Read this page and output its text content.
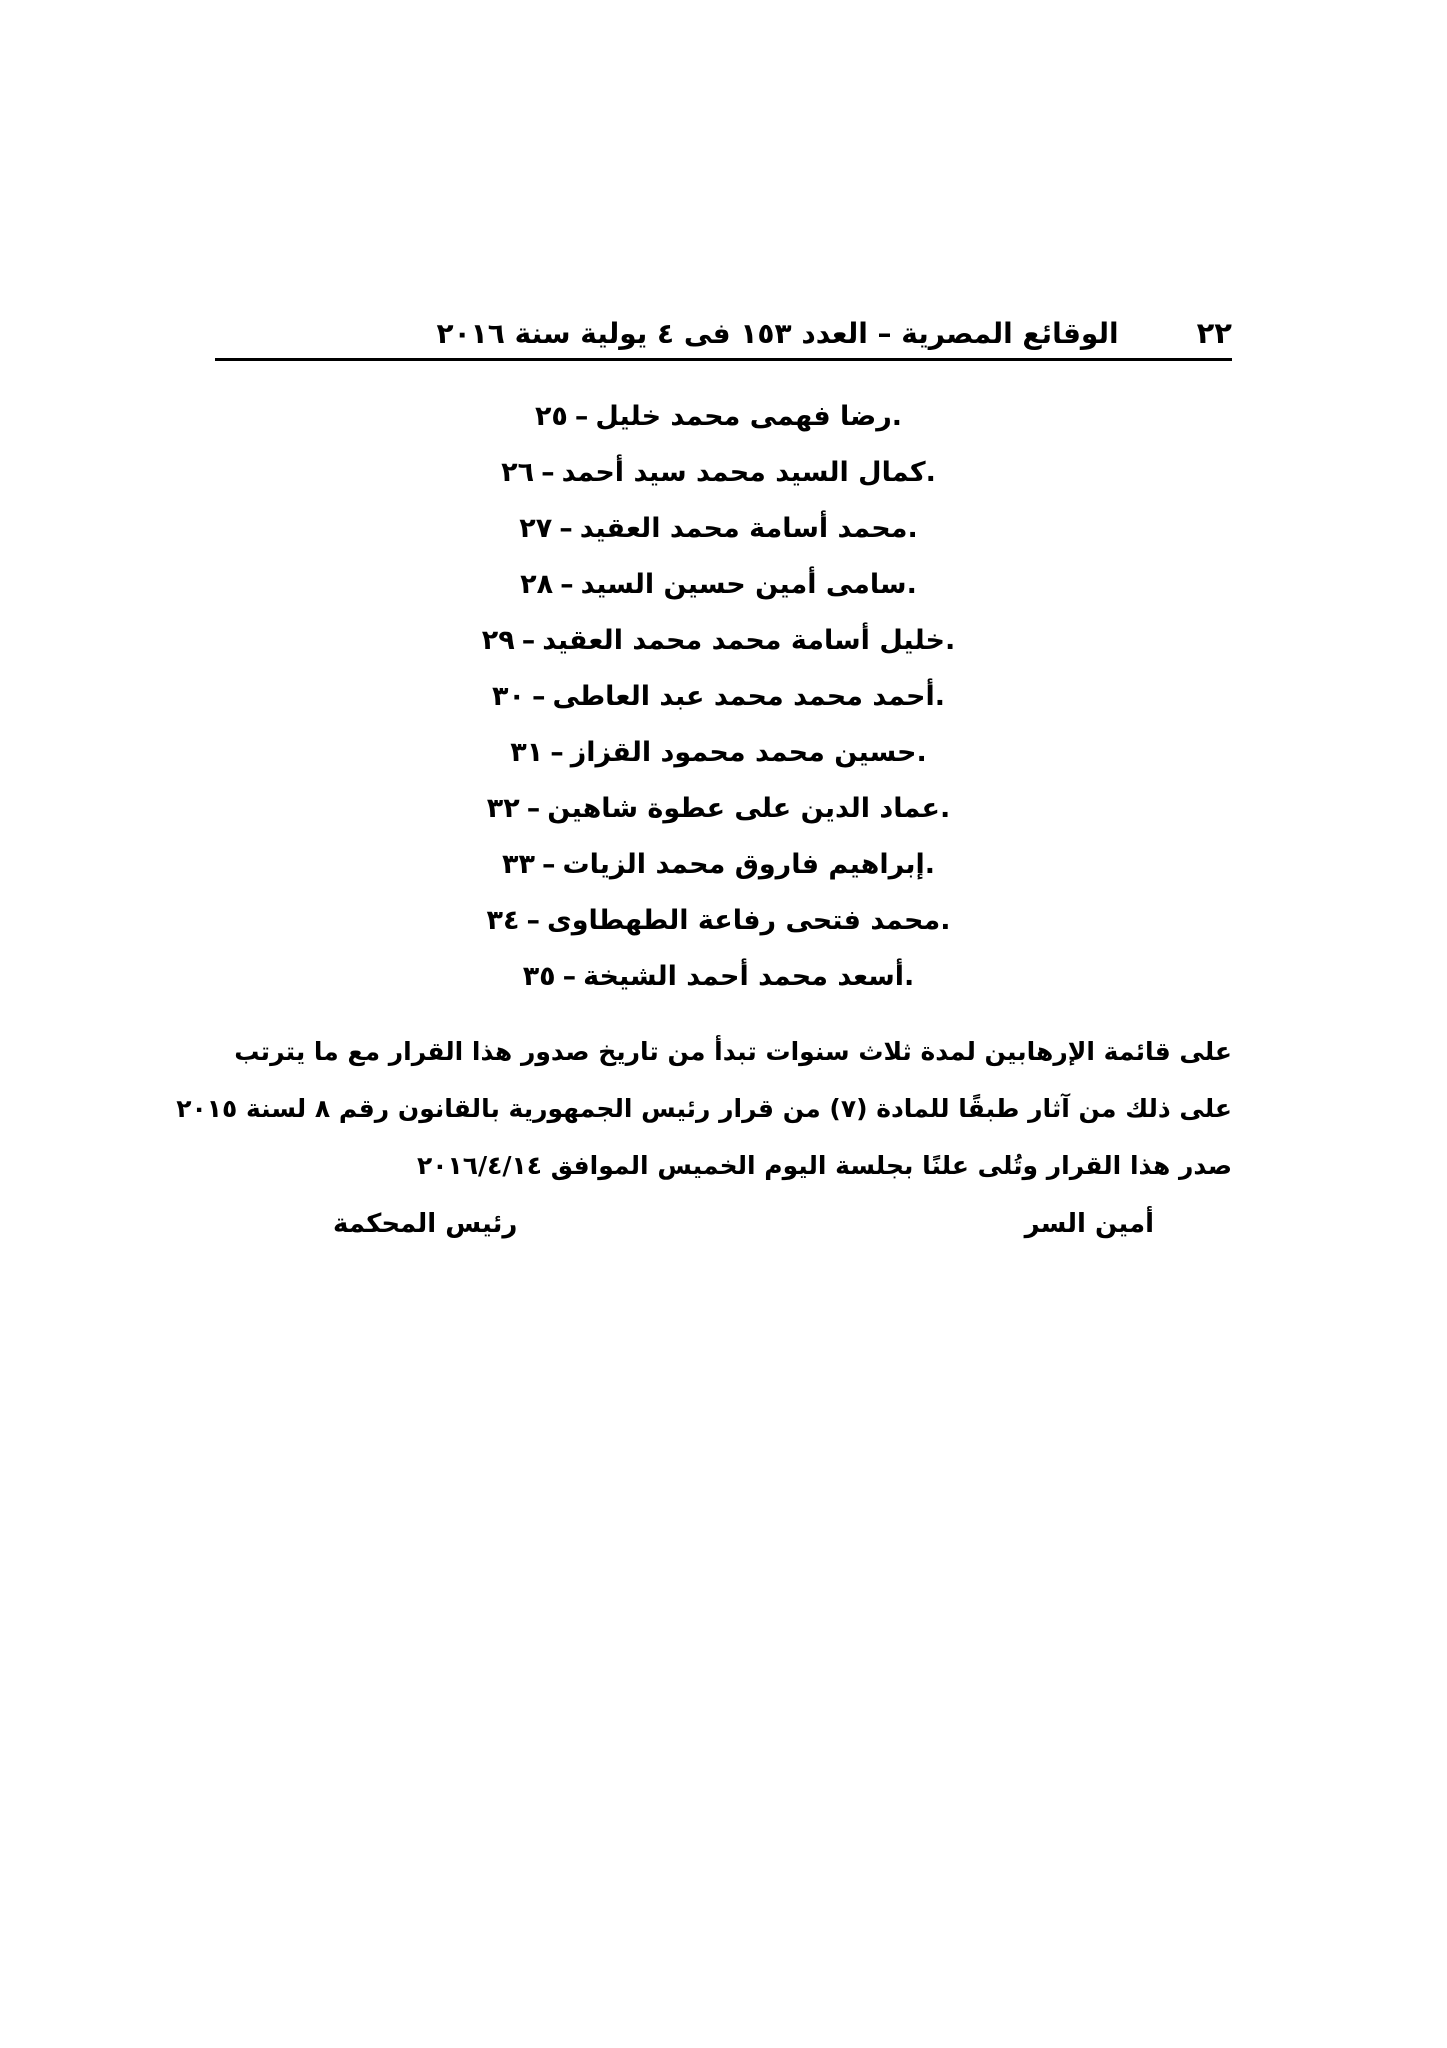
٢٢
الوقائع المصرية – العدد ١٥٣ فى ٤ يولية سنة ٢٠١٦
.
رضا فهمى محمد خليل
–
٢٥
.
كمال السيد محمد سيد أحمد
–
٢٦
.
محمد أسامة محمد العقيد
–
٢٧
.
سامى أمين حسين السيد
–
٢٨
.
خليل أسامة محمد محمد العقيد
–
٢٩
.
أحمد محمد محمد عبد العاطى
–
٣٠
.
حسين محمد محمود القزاز
–
٣١
.
عماد الدين على عطوة شاهين
–
٣٢
.
إبراهيم فاروق محمد الزيات
–
٣٣
.
محمد فتحى رفاعة الطهطاوى
–
٣٤
.
أسعد محمد أحمد الشيخة
–
٣٥

على قائمة الإرهابين لمدة ثلاث سنوات تبدأ من تاريخ صدور هذا القرار مع ما يترتب

على ذلك من آثار طبقًا للمادة (٧) من قرار رئيس الجمهورية بالقانون رقم ٨ لسنة ٢٠١٥

صدر هذا القرار وتُلى علنًا بجلسة اليوم الخميس الموافق ٢٠١٦/٤/١٤

أمين السر
رئيس المحكمة
